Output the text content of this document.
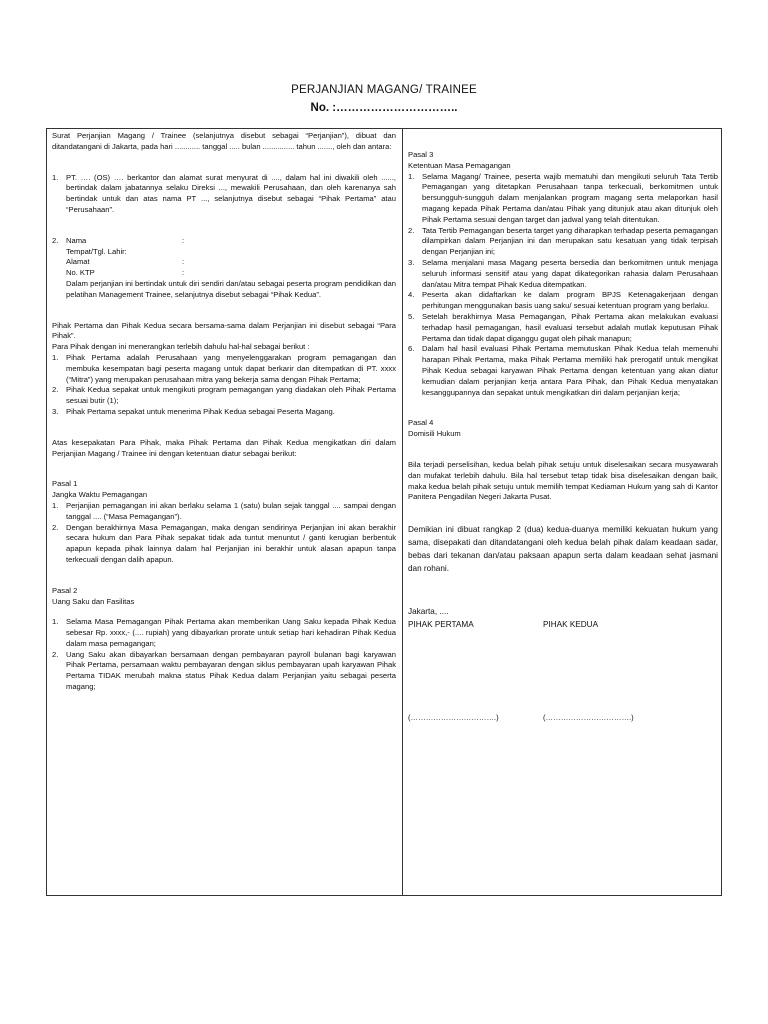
PERJANJIAN MAGANG/ TRAINEE
No. :…………………………..

Surat Perjanjian Magang / Trainee (selanjutnya disebut sebagai “Perjanjian”), dibuat dan ditandatangani di Jakarta, pada hari ............ tanggal ..... bulan ............... tahun ......., oleh dan antara:

1.	PT. …. (OS) …. berkantor dan alamat surat menyurat di ...., dalam hal ini diwakili oleh ......, bertindak dalam jabatannya selaku Direksi ..., mewakili Perusahaan, dan oleh karenanya sah bertindak untuk dan atas nama PT ..., selanjutnya disebut sebagai “Pihak Pertama” atau “Perusahaan”.
2.	Nama	:
Tempat/Tgl. Lahir:
Alamat	:
No. KTP	:

Dalam perjanjian ini bertindak untuk diri sendiri dan/atau sebagai peserta program pendidikan dan pelatihan Management Trainee, selanjutnya disebut sebagai “Pihak Kedua”.

Pihak Pertama dan Pihak Kedua secara bersama-sama dalam Perjanjian ini disebut sebagai “Para Pihak”.

Para Pihak dengan ini menerangkan terlebih dahulu hal-hal sebagai berikut :

1.	Pihak Pertama adalah Perusahaan yang menyelenggarakan program pemagangan dan membuka kesempatan bagi peserta magang untuk dapat berkarir dan ditempatkan di PT. xxxx (“Mitra”) yang merupakan perusahaan mitra yang bekerja sama dengan Pihak Pertama;
2.	Pihak Kedua sepakat untuk mengikuti program pemagangan yang diadakan oleh Pihak Pertama sesuai butir (1);
3.	Pihak Pertama sepakat untuk menerima Pihak Kedua sebagai Peserta Magang.

Atas kesepakatan Para Pihak, maka Pihak Pertama dan Pihak Kedua mengikatkan diri dalam Perjanjian Magang / Trainee ini dengan ketentuan diatur sebagai berikut:

Pasal 1

Jangka Waktu Pemagangan

1.	Perjanjian pemagangan ini akan berlaku selama 1 (satu) bulan sejak tanggal .... sampai dengan tanggal .... (“Masa Pemagangan”).
2.	Dengan berakhirnya Masa Pemagangan, maka dengan sendirinya Perjanjian ini akan berakhir secara hukum dan Para Pihak sepakat tidak ada tuntut menuntut / ganti kerugian berbentuk apapun kepada pihak lainnya dalam hal Perjanjian ini berakhir untuk alasan apapun tanpa terkecuali dengan dalih apapun.

Pasal 2

Uang Saku dan Fasilitas

1.	Selama Masa Pemagangan Pihak Pertama akan memberikan Uang Saku kepada Pihak Kedua sebesar Rp. xxxx,- (.... rupiah) yang dibayarkan prorate untuk setiap hari kehadiran Pihak Kedua dalam masa pemagangan;
2.	Uang Saku akan dibayarkan bersamaan dengan pembayaran payroll bulanan bagi karyawan Pihak Pertama, persamaan waktu pembayaran dengan siklus pembayaran upah karyawan Pihak Pertama TIDAK merubah makna status Pihak Kedua dalam Perjanjian yaitu sebagai peserta magang;

Pasal 3

Ketentuan Masa Pemagangan

1.	Selama Magang/ Trainee, peserta wajib mematuhi dan mengikuti seluruh Tata Tertib Pemagangan yang ditetapkan Perusahaan tanpa terkecuali, berkomitmen untuk bersungguh-sungguh dalam menjalankan program magang serta melaporkan hasil magang kepada Pihak Pertama dan/atau Pihak yang ditunjuk atau akan ditunjuk oleh Pihak Pertama sesuai dengan target dan jadwal yang telah ditentukan.
2.	Tata Tertib Pemagangan beserta target yang diharapkan terhadap peserta pemagangan dilampirkan dalam Perjanjian ini dan merupakan satu kesatuan yang tidak terpisah dengan Perjanjian ini;
3.	Selama menjalani masa Magang peserta bersedia dan berkomitmen untuk menjaga seluruh informasi sensitif atau yang dapat dikategorikan rahasia dalam Perusahaan dan/atau Mitra tempat Pihak Kedua ditempatkan.
4.	Peserta akan didaftarkan ke dalam program BPJS Ketenagakerjaan dengan perhitungan menggunakan basis uang saku/ sesuai ketentuan program yang berlaku.
5.	Setelah berakhirnya Masa Pemagangan, Pihak Pertama akan melakukan evaluasi terhadap hasil pemagangan, hasil evaluasi tersebut adalah mutlak keputusan Pihak Pertama dan tidak dapat diganggu gugat oleh pihak manapun;
6.	Dalam hal hasil evaluasi Pihak Pertama memutuskan Pihak Kedua telah memenuhi harapan Pihak Pertama, maka Pihak Pertama memiliki hak prerogatif untuk mengikat Pihak Kedua sebagai karyawan Pihak Pertama dengan ketentuan yang akan diatur kemudian dalam perjanjian kerja antara Para Pihak, dan Pihak Kedua menyatakan kesanggupannya dan sepakat untuk mengikatkan diri dalam perjanjian kerja;

Pasal 4

Domisili Hukum

Bila terjadi perselisihan, kedua belah pihak setuju untuk diselesaikan secara musyawarah dan mufakat terlebih dahulu. Bila hal tersebut tetap tidak bisa diselesaikan dengan baik, maka kedua belah pihak setuju untuk memilih tempat Kediaman Hukum yang sah di Kantor Panitera Pengadilan Negeri Jakarta Pusat.

Demikian ini dibuat rangkap 2 (dua) kedua-duanya memiliki kekuatan hukum yang sama, disepakati dan ditandatangani oleh kedua belah pihak dalam keadaan sadar, bebas dari tekanan dan/atau paksaan apapun serta dalam keadaan sehat jasmani dan rohani.

Jakarta, ....

PIHAK PERTAMA	PIHAK KEDUA
(…………………………….)	(…………………………….)
